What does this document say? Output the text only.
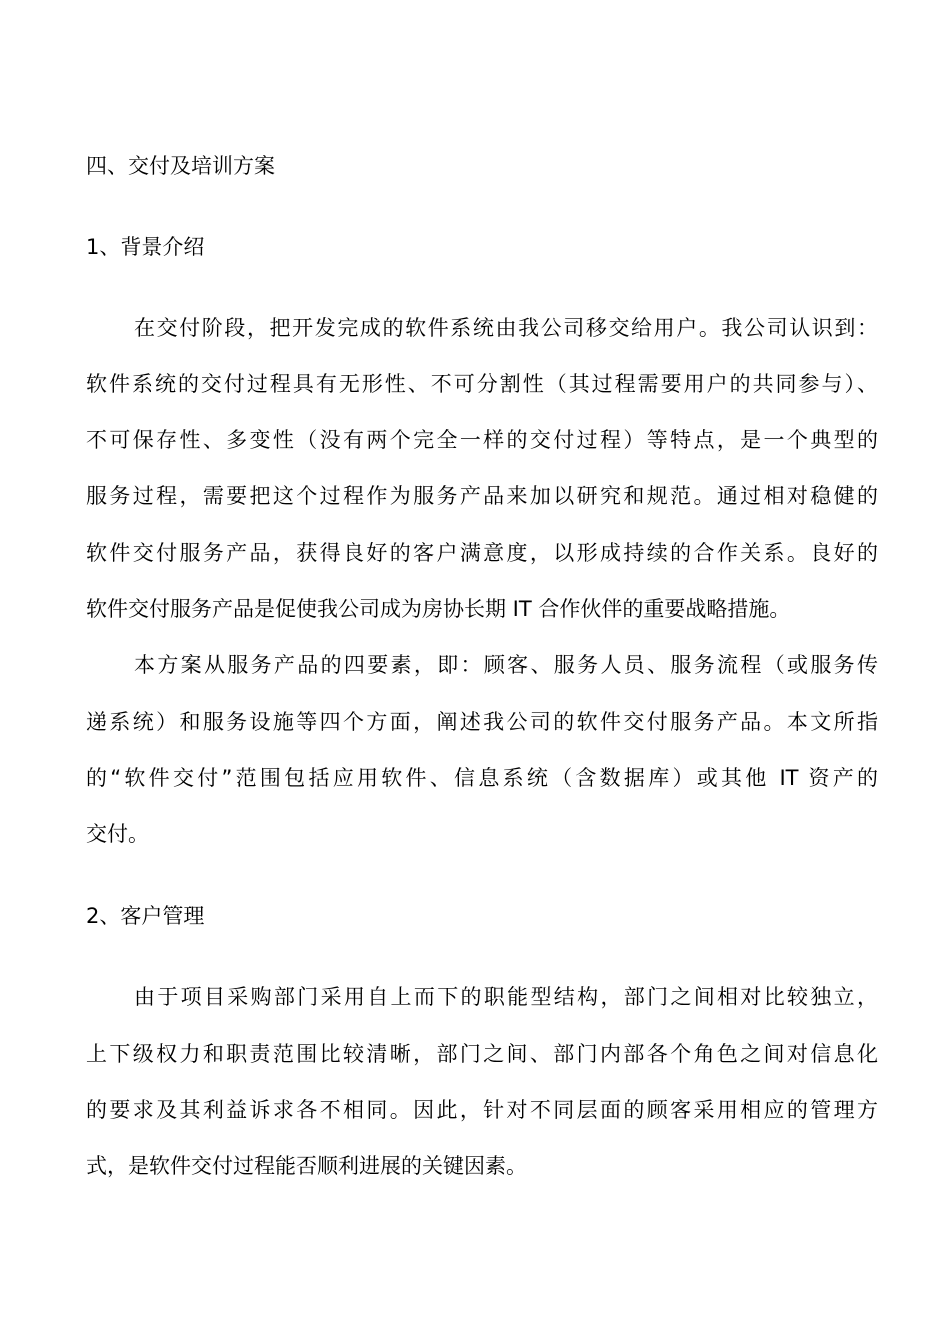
四、交付及培训方案
1、背景介绍

在交付阶段，把开发完成的软件系统由我公司移交给用户。我公司认识到：

软件系统的交付过程具有无形性、不可分割性（其过程需要用户的共同参与）、

不可保存性、多变性（没有两个完全一样的交付过程）等特点，是一个典型的

服务过程，需要把这个过程作为服务产品来加以研究和规范。通过相对稳健的

软件交付服务产品，获得良好的客户满意度，以形成持续的合作关系。良好的

软件交付服务产品是促使我公司成为房协长期 IT 合作伙伴的重要战略措施。

本方案从服务产品的四要素，即：顾客、服务人员、服务流程（或服务传

递系统）和服务设施等四个方面，阐述我公司的软件交付服务产品。本文所指

的“软件交付”范围包括应用软件、信息系统（含数据库）或其他 IT 资产的

交付。

2、客户管理

由于项目采购部门采用自上而下的职能型结构，部门之间相对比较独立，

上下级权力和职责范围比较清晰，部门之间、部门内部各个角色之间对信息化

的要求及其利益诉求各不相同。因此，针对不同层面的顾客采用相应的管理方

式，是软件交付过程能否顺利进展的关键因素。
